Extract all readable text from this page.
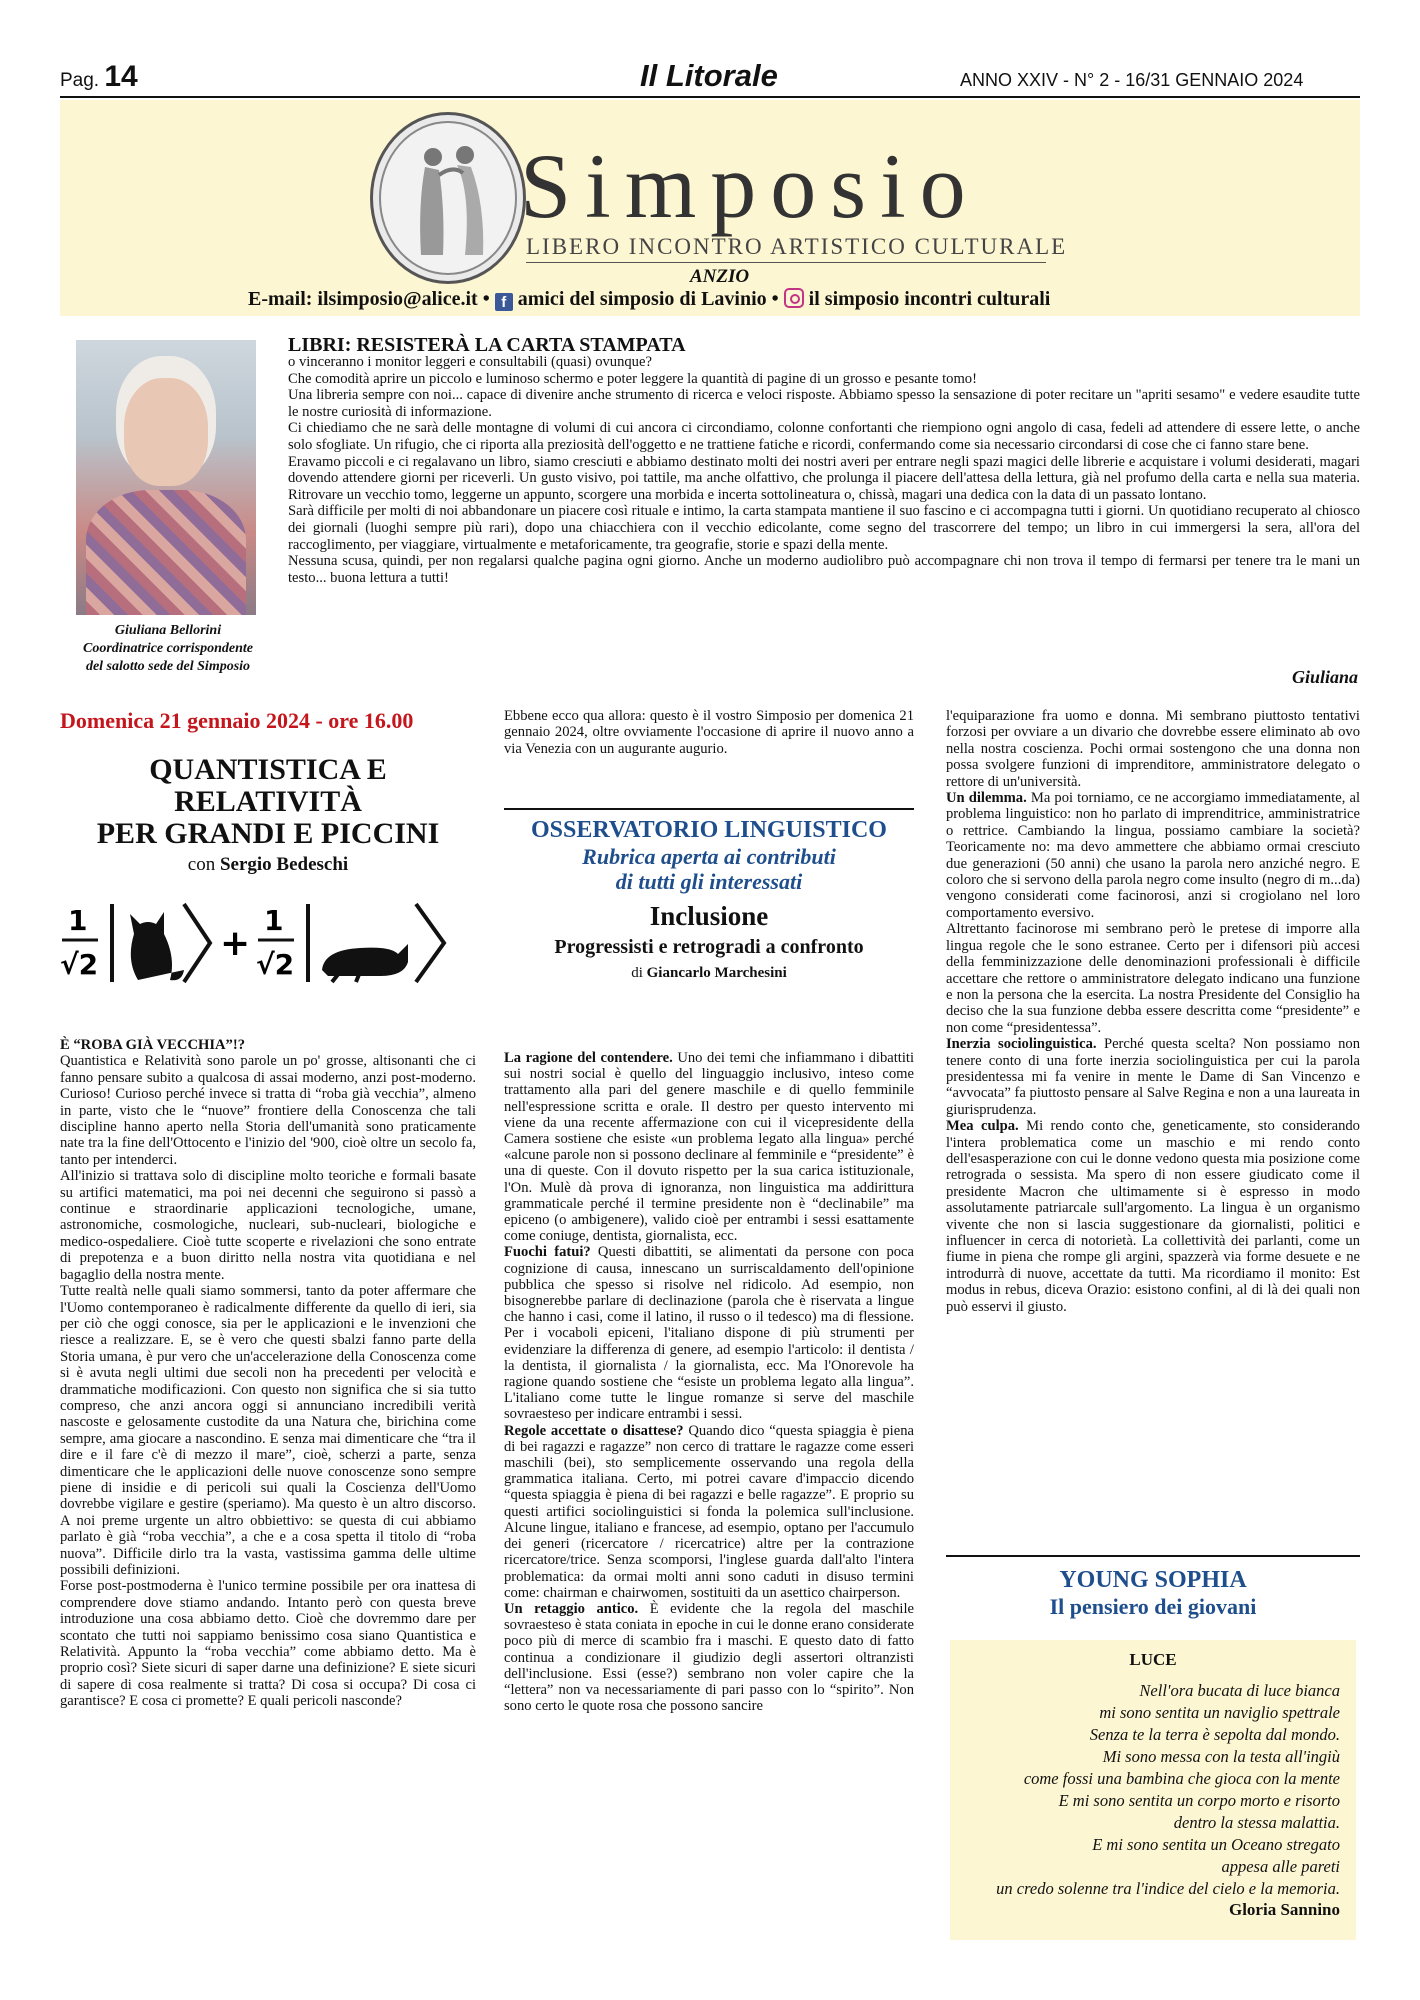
Pag. 14	Il Litorale	ANNO XXIV - N° 2 - 16/31 GENNAIO 2024
Simposio
LIBERO INCONTRO ARTISTICO CULTURALE
ANZIO
E-mail: ilsimposio@alice.it • f amici del simposio di Lavinio • il simposio incontri culturali
Giuliana Bellorini
Coordinatrice corrispondente
del salotto sede del Simposio
LIBRI: RESISTERÀ LA CARTA STAMPATA

o vinceranno i monitor leggeri e consultabili (quasi) ovunque?

Che comodità aprire un piccolo e luminoso schermo e poter leggere la quantità di pagine di un grosso e pesante tomo!

Una libreria sempre con noi... capace di divenire anche strumento di ricerca e veloci risposte. Abbiamo spesso la sensazione di poter recitare un "apriti sesamo" e vedere esaudite tutte le nostre curiosità di informazione.

Ci chiediamo che ne sarà delle montagne di volumi di cui ancora ci circondiamo, colonne confortanti che riempiono ogni angolo di casa, fedeli ad attendere di essere lette, o anche solo sfogliate. Un rifugio, che ci riporta alla preziosità dell'oggetto e ne trattiene fatiche e ricordi, confermando come sia necessario circondarsi di cose che ci fanno stare bene.

Eravamo piccoli e ci regalavano un libro, siamo cresciuti e abbiamo destinato molti dei nostri averi per entrare negli spazi magici delle librerie e acquistare i volumi desiderati, magari dovendo attendere giorni per riceverli. Un gusto visivo, poi tattile, ma anche olfattivo, che prolunga il piacere dell'attesa della lettura, già nel profumo della carta e nella sua materia. Ritrovare un vecchio tomo, leggerne un appunto, scorgere una morbida e incerta sottolineatura o, chissà, magari una dedica con la data di un passato lontano.

Sarà difficile per molti di noi abbandonare un piacere così rituale e intimo, la carta stampata mantiene il suo fascino e ci accompagna tutti i giorni. Un quotidiano recuperato al chiosco dei giornali (luoghi sempre più rari), dopo una chiacchiera con il vecchio edicolante, come segno del trascorrere del tempo; un libro in cui immergersi la sera, all'ora del raccoglimento, per viaggiare, virtualmente e metaforicamente, tra geografie, storie e spazi della mente.

Nessuna scusa, quindi, per non regalarsi qualche pagina ogni giorno. Anche un moderno audiolibro può accompagnare chi non trova il tempo di fermarsi per tenere tra le mani un testo... buona lettura a tutti!

Giuliana
Domenica 21 gennaio 2024 - ore 16.00
QUANTISTICA E
RELATIVITÀ
PER GRANDI E PICCINI
con Sergio Bedeschi
1
√2
+
1
√2

È “ROBA GIÀ VECCHIA”!?

Quantistica e Relatività sono parole un po' grosse, altisonanti che ci fanno pensare subito a qualcosa di assai moderno, anzi post-moderno. Curioso! Curioso perché invece si tratta di “roba già vecchia”, almeno in parte, visto che le “nuove” frontiere della Conoscenza che tali discipline hanno aperto nella Storia dell'umanità sono praticamente nate tra la fine dell'Ottocento e l'inizio del '900, cioè oltre un secolo fa, tanto per intenderci.

All'inizio si trattava solo di discipline molto teoriche e formali basate su artifici matematici, ma poi nei decenni che seguirono si passò a continue e straordinarie applicazioni tecnologiche, umane, astronomiche, cosmologiche, nucleari, sub-nucleari, biologiche e medico-ospedaliere. Cioè tutte scoperte e rivelazioni che sono entrate di prepotenza e a buon diritto nella nostra vita quotidiana e nel bagaglio della nostra mente.

Tutte realtà nelle quali siamo sommersi, tanto da poter affermare che l'Uomo contemporaneo è radicalmente differente da quello di ieri, sia per ciò che oggi conosce, sia per le applicazioni e le invenzioni che riesce a realizzare. E, se è vero che questi sbalzi fanno parte della Storia umana, è pur vero che un'accelerazione della Conoscenza come si è avuta negli ultimi due secoli non ha precedenti per velocità e drammatiche modificazioni. Con questo non significa che si sia tutto compreso, che anzi ancora oggi si annunciano incredibili verità nascoste e gelosamente custodite da una Natura che, birichina come sempre, ama giocare a nascondino. E senza mai dimenticare che “tra il dire e il fare c'è di mezzo il mare”, cioè, scherzi a parte, senza dimenticare che le applicazioni delle nuove conoscenze sono sempre piene di insidie e di pericoli sui quali la Coscienza dell'Uomo dovrebbe vigilare e gestire (speriamo). Ma questo è un altro discorso. A noi preme urgente un altro obbiettivo: se questa di cui abbiamo parlato è già “roba vecchia”, a che e a cosa spetta il titolo di “roba nuova”. Difficile dirlo tra la vasta, vastissima gamma delle ultime possibili definizioni.

Forse post-postmoderna è l'unico termine possibile per ora inattesa di comprendere dove stiamo andando. Intanto però con questa breve introduzione una cosa abbiamo detto. Cioè che dovremmo dare per scontato che tutti noi sappiamo benissimo cosa siano Quantistica e Relatività. Appunto la “roba vecchia” come abbiamo detto. Ma è proprio così? Siete sicuri di saper darne una definizione? E siete sicuri di sapere di cosa realmente si tratta? Di cosa si occupa? Di cosa ci garantisce? E cosa ci promette? E quali pericoli nasconde?

Ebbene ecco qua allora: questo è il vostro Simposio per domenica 21 gennaio 2024, oltre ovviamente l'occasione di aprire il nuovo anno a via Venezia con un augurante augurio.
OSSERVATORIO LINGUISTICO
Rubrica aperta ai contributi
di tutti gli interessati
Inclusione
Progressisti e retrogradi a confronto
di Giancarlo Marchesini

La ragione del contendere. Uno dei temi che infiammano i dibattiti sui nostri social è quello del linguaggio inclusivo, inteso come trattamento alla pari del genere maschile e di quello femminile nell'espressione scritta e orale. Il destro per questo intervento mi viene da una recente affermazione con cui il vicepresidente della Camera sostiene che esiste «un problema legato alla lingua» perché «alcune parole non si possono declinare al femminile e “presidente” è una di queste. Con il dovuto rispetto per la sua carica istituzionale, l'On. Mulè dà prova di ignoranza, non linguistica ma addirittura grammaticale perché il termine presidente non è “declinabile” ma epiceno (o ambigenere), valido cioè per entrambi i sessi esattamente come coniuge, dentista, giornalista, ecc.

Fuochi fatui? Questi dibattiti, se alimentati da persone con poca cognizione di causa, innescano un surriscaldamento dell'opinione pubblica che spesso si risolve nel ridicolo. Ad esempio, non bisognerebbe parlare di declinazione (parola che è riservata a lingue che hanno i casi, come il latino, il russo o il tedesco) ma di flessione. Per i vocaboli epiceni, l'italiano dispone di più strumenti per evidenziare la differenza di genere, ad esempio l'articolo: il dentista / la dentista, il giornalista / la giornalista, ecc. Ma l'Onorevole ha ragione quando sostiene che “esiste un problema legato alla lingua”. L'italiano come tutte le lingue romanze si serve del maschile sovraesteso per indicare entrambi i sessi.

Regole accettate o disattese? Quando dico “questa spiaggia è piena di bei ragazzi e ragazze” non cerco di trattare le ragazze come esseri maschili (bei), sto semplicemente osservando una regola della grammatica italiana. Certo, mi potrei cavare d'impaccio dicendo “questa spiaggia è piena di bei ragazzi e belle ragazze”. E proprio su questi artifici sociolinguistici si fonda la polemica sull'inclusione. Alcune lingue, italiano e francese, ad esempio, optano per l'accumulo dei generi (ricercatore / ricercatrice) altre per la contrazione ricercatore/trice. Senza scomporsi, l'inglese guarda dall'alto l'intera problematica: da ormai molti anni sono caduti in disuso termini come: chairman e chairwomen, sostituiti da un asettico chairperson.

Un retaggio antico. È evidente che la regola del maschile sovraesteso è stata coniata in epoche in cui le donne erano considerate poco più di merce di scambio fra i maschi. E questo dato di fatto continua a condizionare il giudizio degli assertori oltranzisti dell'inclusione. Essi (esse?) sembrano non voler capire che la “lettera” non va necessariamente di pari passo con lo “spirito”. Non sono certo le quote rosa che possono sancire

l'equiparazione fra uomo e donna. Mi sembrano piuttosto tentativi forzosi per ovviare a un divario che dovrebbe essere eliminato ab ovo nella nostra coscienza. Pochi ormai sostengono che una donna non possa svolgere funzioni di imprenditore, amministratore delegato o rettore di un'università.

Un dilemma. Ma poi torniamo, ce ne accorgiamo immediatamente, al problema linguistico: non ho parlato di imprenditrice, amministratrice o rettrice. Cambiando la lingua, possiamo cambiare la società? Teoricamente no: ma devo ammettere che abbiamo ormai cresciuto due generazioni (50 anni) che usano la parola nero anziché negro. E coloro che si servono della parola negro come insulto (negro di m...da) vengono considerati come facinorosi, anzi si crogiolano nel loro comportamento eversivo.

Altrettanto facinorose mi sembrano però le pretese di imporre alla lingua regole che le sono estranee. Certo per i difensori più accesi della femminizzazione delle denominazioni professionali è difficile accettare che rettore o amministratore delegato indicano una funzione e non la persona che la esercita. La nostra Presidente del Consiglio ha deciso che la sua funzione debba essere descritta come “presidente” e non come “presidentessa”.

Inerzia sociolinguistica. Perché questa scelta? Non possiamo non tenere conto di una forte inerzia sociolinguistica per cui la parola presidentessa mi fa venire in mente le Dame di San Vincenzo e “avvocata” fa piuttosto pensare al Salve Regina e non a una laureata in giurisprudenza.

Mea culpa. Mi rendo conto che, geneticamente, sto considerando l'intera problematica come un maschio e mi rendo conto dell'esasperazione con cui le donne vedono questa mia posizione come retrograda o sessista. Ma spero di non essere giudicato come il presidente Macron che ultimamente si è espresso in modo assolutamente patriarcale sull'argomento. La lingua è un organismo vivente che non si lascia suggestionare da giornalisti, politici e influencer in cerca di notorietà. La collettività dei parlanti, come un fiume in piena che rompe gli argini, spazzerà via forme desuete e ne introdurrà di nuove, accettate da tutti. Ma ricordiamo il monito: Est modus in rebus, diceva Orazio: esistono confini, al di là dei quali non può esservi il giusto.

YOUNG SOPHIA
Il pensiero dei giovani
LUCE
Nell'ora bucata di luce bianca
mi sono sentita un naviglio spettrale
Senza te la terra è sepolta dal mondo.
Mi sono messa con la testa all'ingiù
come fossi una bambina che gioca con la mente
E mi sono sentita un corpo morto e risorto
dentro la stessa malattia.
E mi sono sentita un Oceano stregato
appesa alle pareti
un credo solenne tra l'indice del cielo e la memoria.
Gloria Sannino
